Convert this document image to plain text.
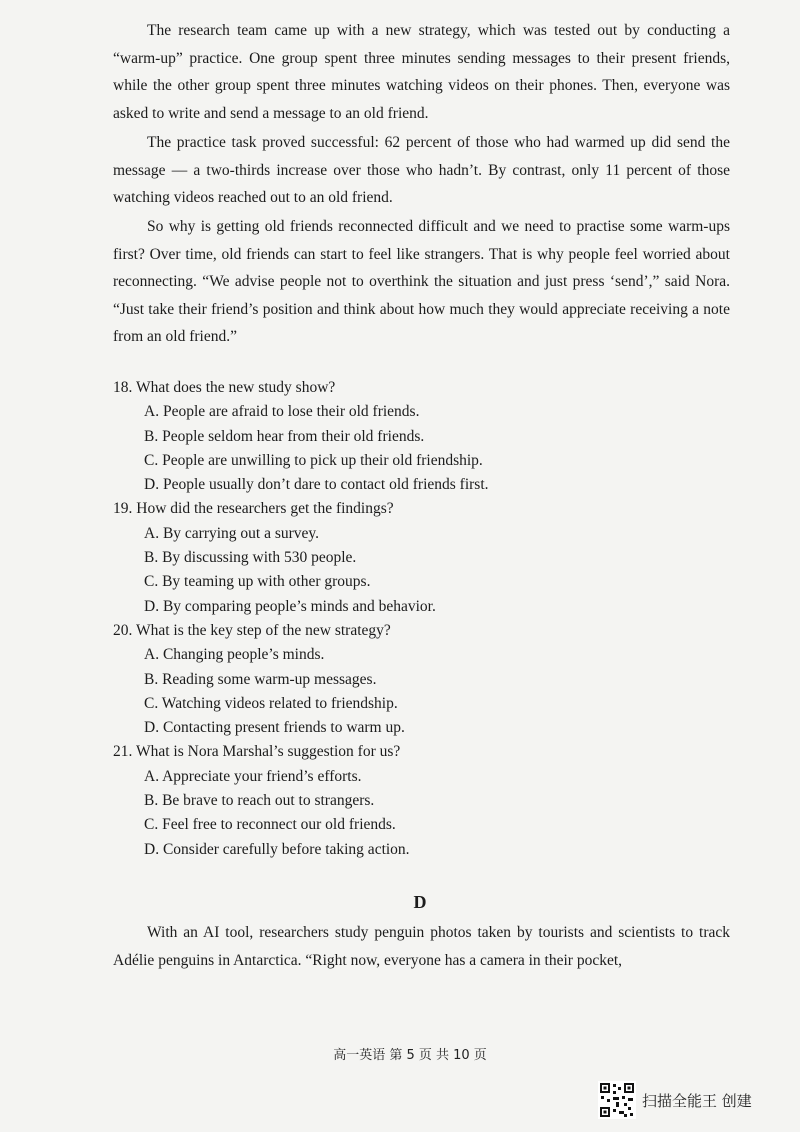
The research team came up with a new strategy, which was tested out by conducting a “warm-up” practice. One group spent three minutes sending messages to their present friends, while the other group spent three minutes watching videos on their phones. Then, everyone was asked to write and send a message to an old friend.

The practice task proved successful: 62 percent of those who had warmed up did send the message — a two-thirds increase over those who hadn’t. By contrast, only 11 percent of those watching videos reached out to an old friend.

So why is getting old friends reconnected difficult and we need to practise some warm-ups first? Over time, old friends can start to feel like strangers. That is why people feel worried about reconnecting. “We advise people not to overthink the situation and just press ‘send’,” said Nora. “Just take their friend’s position and think about how much they would appreciate receiving a note from an old friend.”

18. What does the new study show?

A. People are afraid to lose their old friends.

B. People seldom hear from their old friends.

C. People are unwilling to pick up their old friendship.

D. People usually don’t dare to contact old friends first.

19. How did the researchers get the findings?

A. By carrying out a survey.

B. By discussing with 530 people.

C. By teaming up with other groups.

D. By comparing people’s minds and behavior.

20. What is the key step of the new strategy?

A. Changing people’s minds.

B. Reading some warm-up messages.

C. Watching videos related to friendship.

D. Contacting present friends to warm up.

21. What is Nora Marshal’s suggestion for us?

A. Appreciate your friend’s efforts.

B. Be brave to reach out to strangers.

C. Feel free to reconnect our old friends.

D. Consider carefully before taking action.

D

With an AI tool, researchers study penguin photos taken by tourists and scientists to track Adélie penguins in Antarctica. “Right now, everyone has a camera in their pocket,

高一英语 第 5 页 共 10 页
扫描全能王 创建
